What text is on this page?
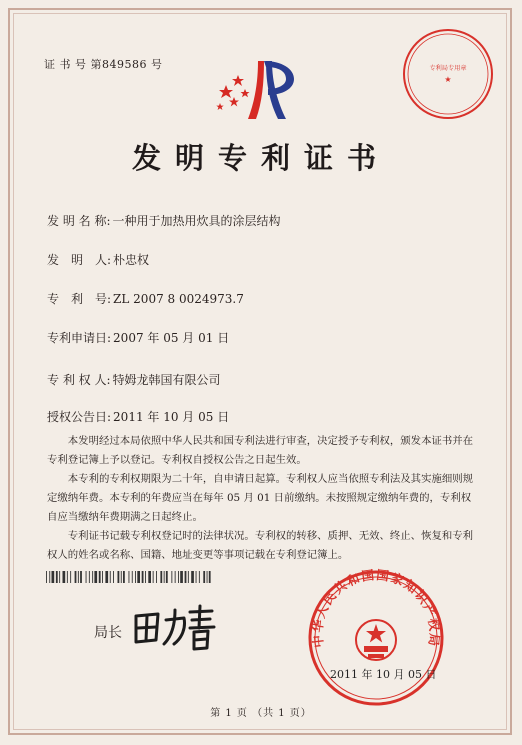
证 书 号 第849586 号	专利局专用章
★
发明专利证书
发 明 名 称: 一种用于加热用炊具的涂层结构
发　明　人: 朴忠权
专　利　号: ZL 2007 8 0024973.7
专利申请日: 2007 年 05 月 01 日
专 利 权 人: 特姆龙韩国有限公司
授权公告日: 2011 年 10 月 05 日

本发明经过本局依照中华人民共和国专利法进行审查，决定授予专利权，颁发本证书并在专利登记簿上予以登记。专利权自授权公告之日起生效。

本专利的专利权期限为二十年，自申请日起算。专利权人应当依照专利法及其实施细则规定缴纳年费。本专利的年费应当在每年 05 月 01 日前缴纳。未按照规定缴纳年费的，专利权自应当缴纳年费期满之日起终止。

专利证书记载专利权登记时的法律状况。专利权的转移、质押、无效、终止、恢复和专利权人的姓名或名称、国籍、地址变更等事项记载在专利登记簿上。

局长	中华人民共和国国家知识产权局
2011 年 10 月 05 日
第 1 页 （共 1 页）
